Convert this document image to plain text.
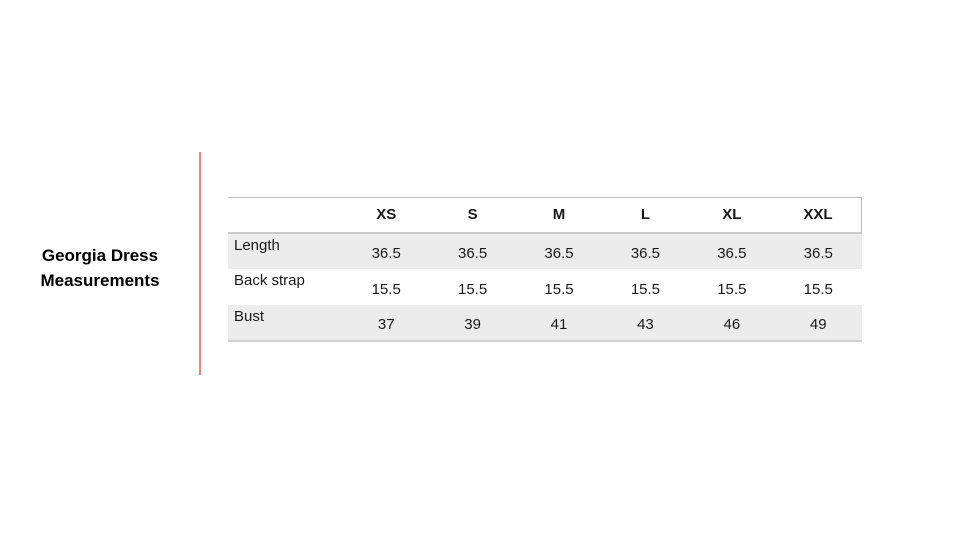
Georgia Dress Measurements
	XS	S	M	L	XL	XXL
Length	36.5	36.5	36.5	36.5	36.5	36.5
Back strap	15.5	15.5	15.5	15.5	15.5	15.5
Bust	37	39	41	43	46	49
